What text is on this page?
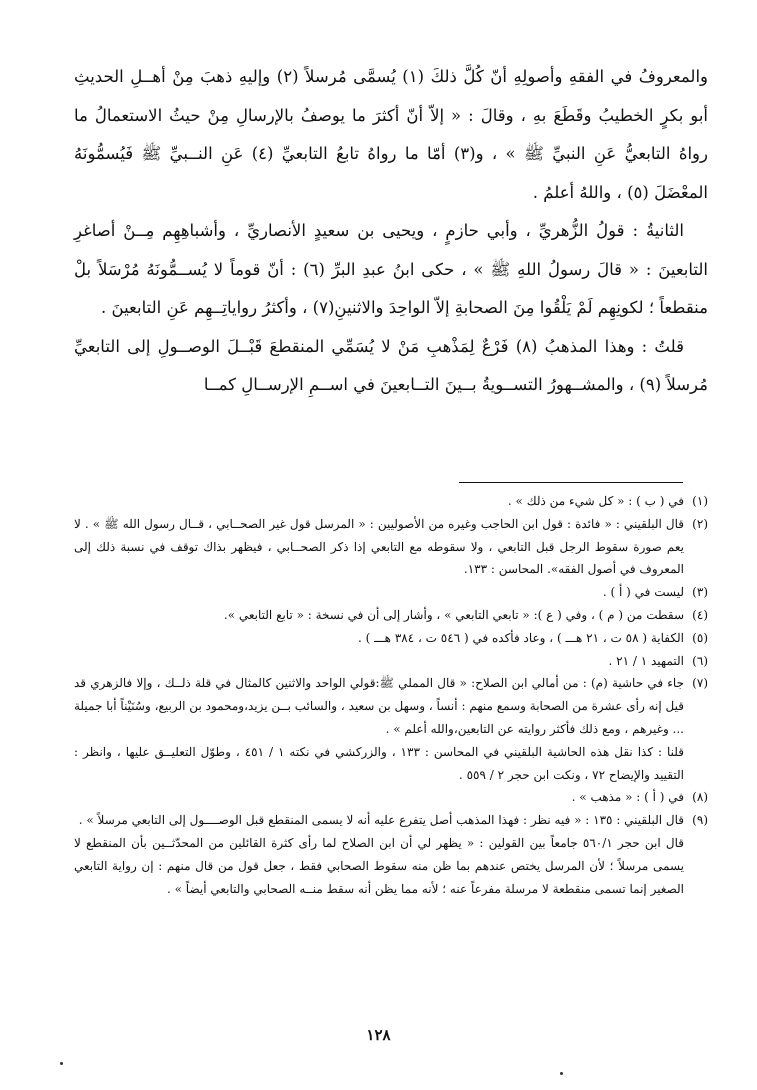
والمعروفُ في الفقهِ وأصولِهِ أنّ كُلَّ ذلكَ (١) يُسمَّى مُرسلاً (٢) وإليهِ ذهبَ مِنْ أهــلِ الحديثِ أبو بكرٍ الخطيبُ وقَطَعَ بهِ ، وقالَ : « إلاّ أنّ أكثرَ ما يوصفُ بالإرسالِ مِنْ حيثُ الاستعمالُ ما رواهُ التابعيُّ عَنِ النبيِّ ﷺ » ، و(٣) أمّا ما رواهُ تابعُ التابعيِّ (٤) عَنِ النــبيِّ ﷺ فَيُسمُّونَهُ المعْضَلَ (٥) ، واللهُ أعلمُ .

الثانيةُ : قولُ الزُّهريِّ ، وأبي حازمٍ ، ويحيى بن سعيدٍ الأنصاريِّ ، وأشباهِهِم مِــنْ أصاغرِ التابعينَ : « قالَ رسولُ اللهِ ﷺ » ، حكى ابنُ عبدِ البرِّ (٦) : أنّ قوماً لا يُســمُّونَهُ مُرْسَلاً بلْ منقطعاً ؛ لكونِهِم لَمْ يَلْقُوا مِنَ الصحابةِ إلاّ الواحِدَ والاثنينِ(٧) ، وأكثرُ رواياتِــهِم عَنِ التابعينَ .

قلتُ : وهذا المذهبُ (٨) فَرْعٌ لِمَذْهبِ مَنْ لا يُسَمِّي المنقطعَ قَبْــلَ الوصــولِ إلى التابعيِّ مُرسلاً (٩) ، والمشــهورُ التســويةُ بــينَ التــابعينَ في اســمِ الإرســالِ كمــا

(١)في ( ب ) : « كل شيء من ذلك » .

(٢)قال البلقيني : « فائدة : قول ابن الحاجب وغيره من الأصوليين : « المرسل قول غير الصحــابي ، قــال رسول الله ﷺ » . لا يعم صورة سقوط الرجل قبل التابعي ، ولا سقوطه مع التابعي إذا ذكر الصحــابي ، فيظهر بذاك توقف في نسبة ذلك إلى المعروف في أصول الفقه». المحاسن : ١٣٣.

(٣)ليست في ( أ ) .

(٤)سقطت من ( م ) ، وفي ( ع ): « تابعي التابعي » ، وأشار إلى أن في نسخة : « تابع التابعي ».

(٥)الكفاية ( ٥٨ ت ، ٢١ هـــ ) ، وعاد فأكده في ( ٥٤٦ ت ، ٣٨٤ هـــ ) .

(٦)التمهيد ١ / ٢١ .

(٧)جاء في حاشية (م) : من أمالي ابن الصلاح: « قال المملي ﷺ:قولي الواحد والاثنين كالمثال في قلة ذلــك ، وإلا فالزهري قد قيل إنه رأى عشرة من الصحابة وسمع منهم : أنساً ، وسهل بن سعيد ، والسائب بــن يزيد،ومحمود بن الربيع، وسُنَيْناً أبا جميلة ... وغيرهم ، ومع ذلك فأكثر روايته عن التابعين،والله أعلم » .

قلنا : كذا نقل هذه الحاشية البلقيني في المحاسن : ١٣٣ ، والزركشي في نكته ١ / ٤٥١ ، وطوّل التعليــق عليها ، وانظر : التقييد والإيضاح ٧٢ ، ونكت ابن حجر ٢ / ٥٥٩ .

(٨)في ( أ ) : « مذهب » .

(٩)قال البلقيني : ١٣٥ : « فيه نظر : فهذا المذهب أصل يتفرع عليه أنه لا يسمى المنقطع قبل الوصــــول إلى التابعي مرسلاً » .

قال ابن حجر ٥٦٠/١ جامعاً بين القولين : « يظهر لي أن ابن الصلاح لما رأى كثرة القائلين من المحدّثــين بأن المنقطع لا يسمى مرسلاً ؛ لأن المرسل يختص عندهم بما ظن منه سقوط الصحابي فقط ، جعل قول من قال منهم : إن رواية التابعي الصغير إنما تسمى منقطعة لا مرسلة مفرعاً عنه ؛ لأنه مما يظن أنه سقط منــه الصحابي والتابعي أيضاً » .

١٢٨
